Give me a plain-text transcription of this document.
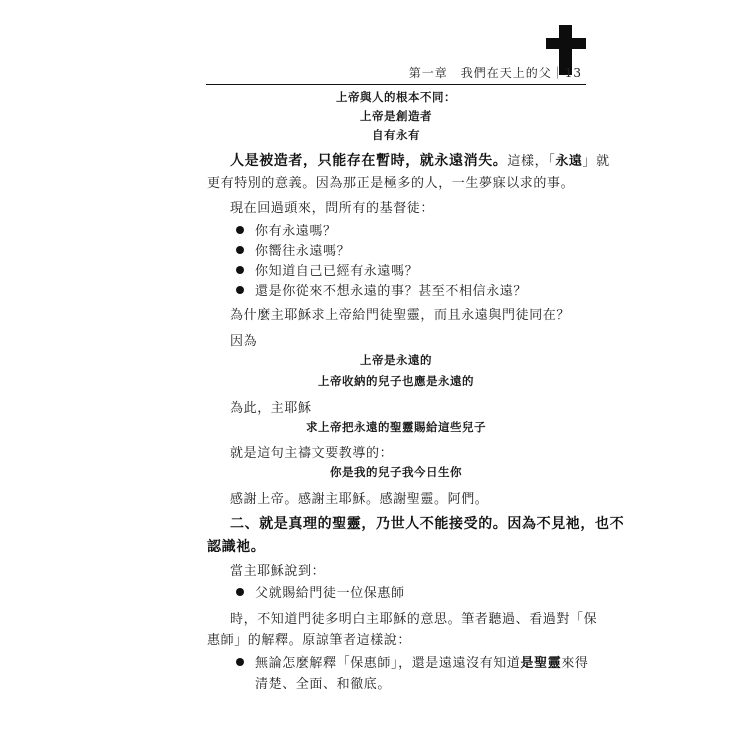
第一章　我們在天上的父｜13
上帝與人的根本不同：
上帝是創造者
自有永有
人是被造者，只能存在暫時，就永遠消失。這樣，「永遠」就
更有特別的意義。因為那正是極多的人，一生夢寐以求的事。
現在回過頭來，問所有的基督徒：
你有永遠嗎？
你嚮往永遠嗎？
你知道自己已經有永遠嗎？
還是你從來不想永遠的事？甚至不相信永遠？
為什麼主耶穌求上帝給門徒聖靈，而且永遠與門徒同在？
因為
上帝是永遠的
上帝收納的兒子也應是永遠的
為此，主耶穌
求上帝把永遠的聖靈賜給這些兒子
就是這句主禱文要教導的：
你是我的兒子我今日生你
感謝上帝。感謝主耶穌。感謝聖靈。阿們。
二、就是真理的聖靈，乃世人不能接受的。因為不見祂，也不
認識祂。
當主耶穌說到：
父就賜給門徒一位保惠師
時，不知道門徒多明白主耶穌的意思。筆者聽過、看過對「保
惠師」的解釋。原諒筆者這樣說：
無論怎麼解釋「保惠師」，還是遠遠沒有知道是聖靈來得
清楚、全面、和徹底。
